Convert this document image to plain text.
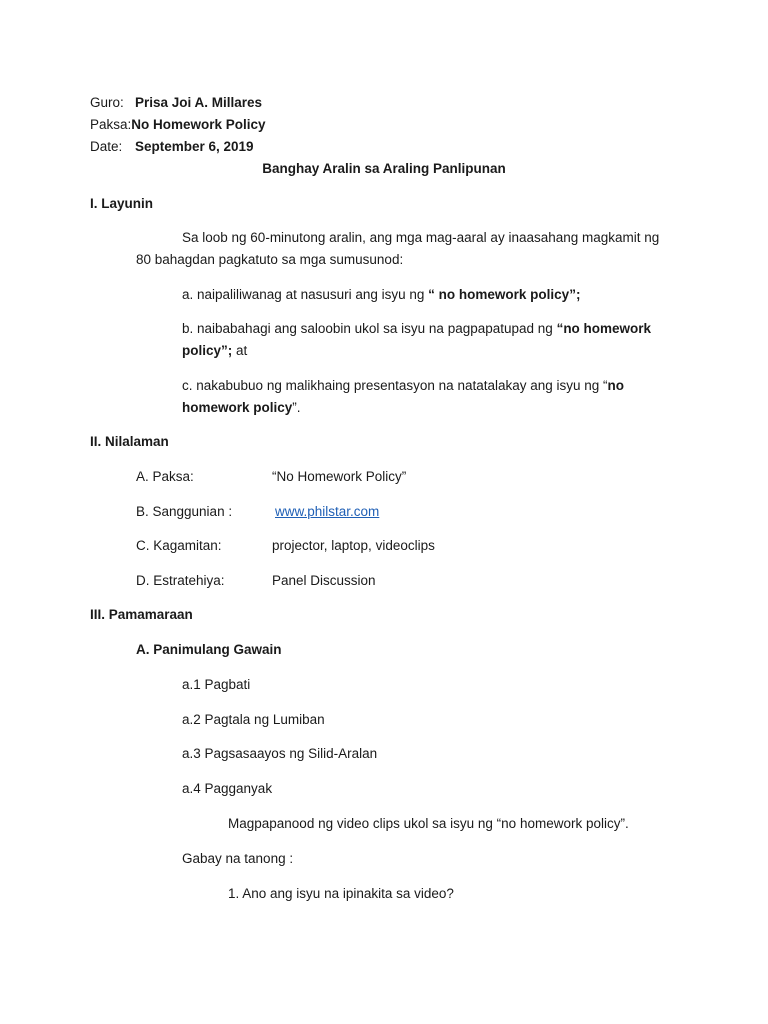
Guro: Prisa Joi A. Millares
Paksa:No Homework Policy
Date: September 6, 2019
Banghay Aralin sa Araling Panlipunan
I. Layunin
Sa loob ng 60-minutong aralin, ang mga mag-aaral ay inaasahang magkamit ng
80 bahagdan pagkatuto sa mga sumusunod:
a. naipaliliwanag at nasusuri ang isyu ng “ no homework policy”;
b. naibabahagi ang saloobin ukol sa isyu na pagpapatupad ng “no homework
policy”; at
c. nakabubuo ng malikhaing presentasyon na natatalakay ang isyu ng “no
homework policy”.
II. Nilalaman
A. Paksa:	“No Homework Policy”
B. Sanggunian :	www.philstar.com
C. Kagamitan:	projector, laptop, videoclips
D. Estratehiya:	Panel Discussion
III. Pamamaraan
A. Panimulang Gawain
a.1 Pagbati
a.2 Pagtala ng Lumiban
a.3 Pagsasaayos ng Silid-Aralan
a.4 Pagganyak
Magpapanood ng video clips ukol sa isyu ng “no homework policy”.
Gabay na tanong :
1. Ano ang isyu na ipinakita sa video?
